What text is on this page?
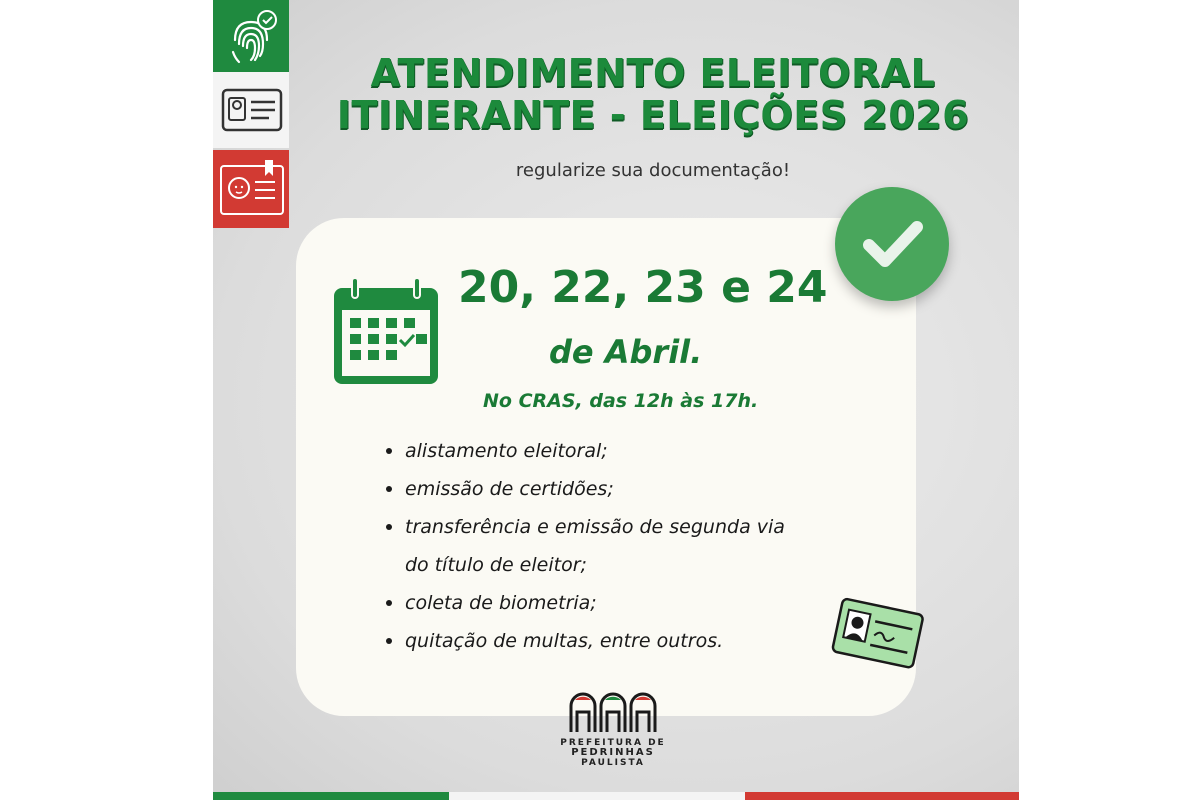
ATENDIMENTO ELEITORAL
ITINERANTE - ELEIÇÕES 2026
regularize sua documentação!
20, 22, 23 e 24
de Abril.
No CRAS, das 12h às 17h.
alistamento eleitoral;
emissão de certidões;
transferência e emissão de segunda via
do título de eleitor;
coleta de biometria;
quitação de multas, entre outros.
PREFEITURA DE
PEDRINHAS
PAULISTA
